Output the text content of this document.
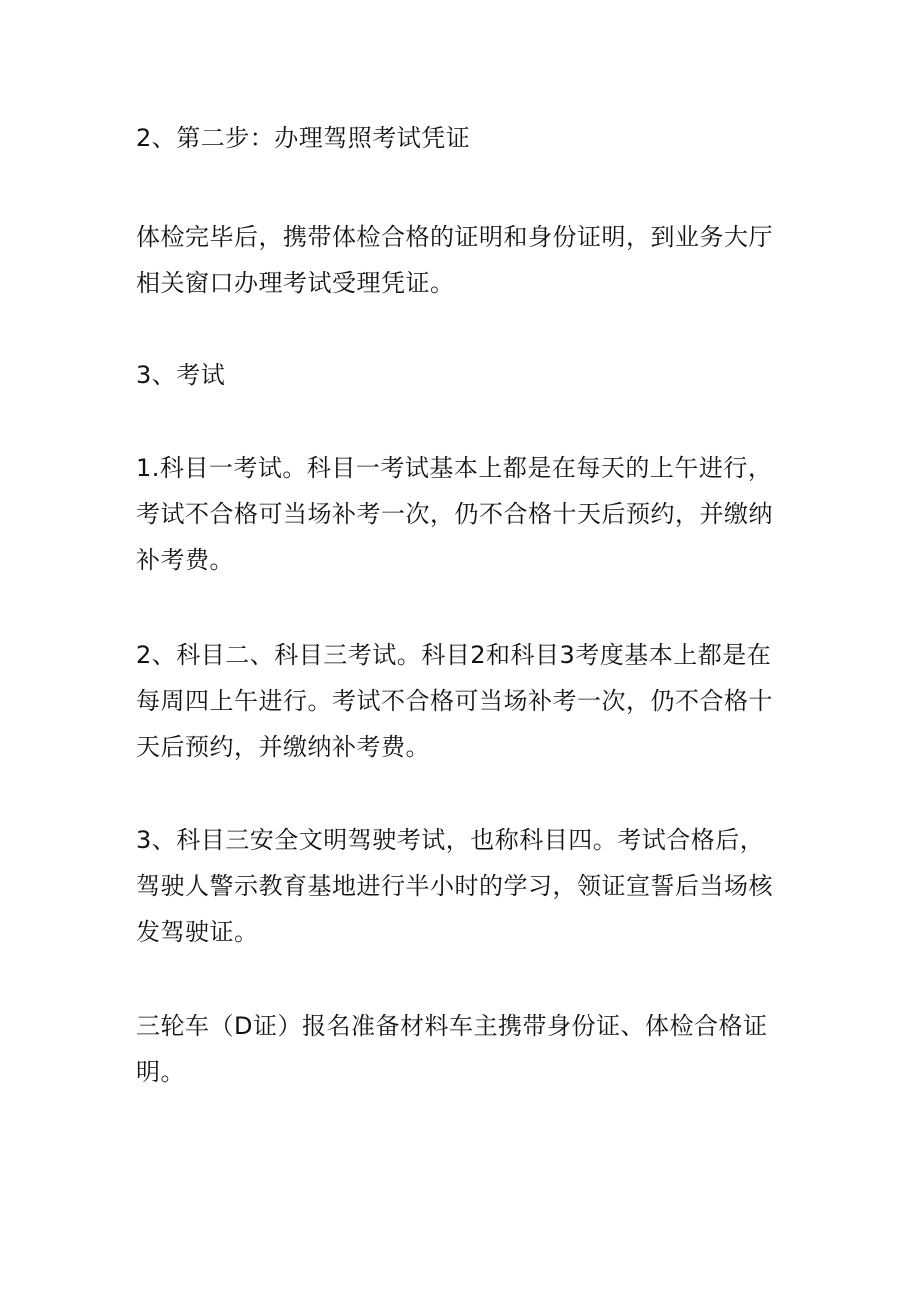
2、第二步：办理驾照考试凭证

体检完毕后，携带体检合格的证明和身份证明，到业务大厅相关窗口办理考试受理凭证。

3、考试

1.科目一考试。科目一考试基本上都是在每天的上午进行，考试不合格可当场补考一次，仍不合格十天后预约，并缴纳补考费。

2、科目二、科目三考试。科目2和科目3考度基本上都是在每周四上午进行。考试不合格可当场补考一次，仍不合格十天后预约，并缴纳补考费。

3、科目三安全文明驾驶考试，也称科目四。考试合格后，驾驶人警示教育基地进行半小时的学习，领证宣誓后当场核发驾驶证。

三轮车（D证）报名准备材料车主携带身份证、体检合格证明。
